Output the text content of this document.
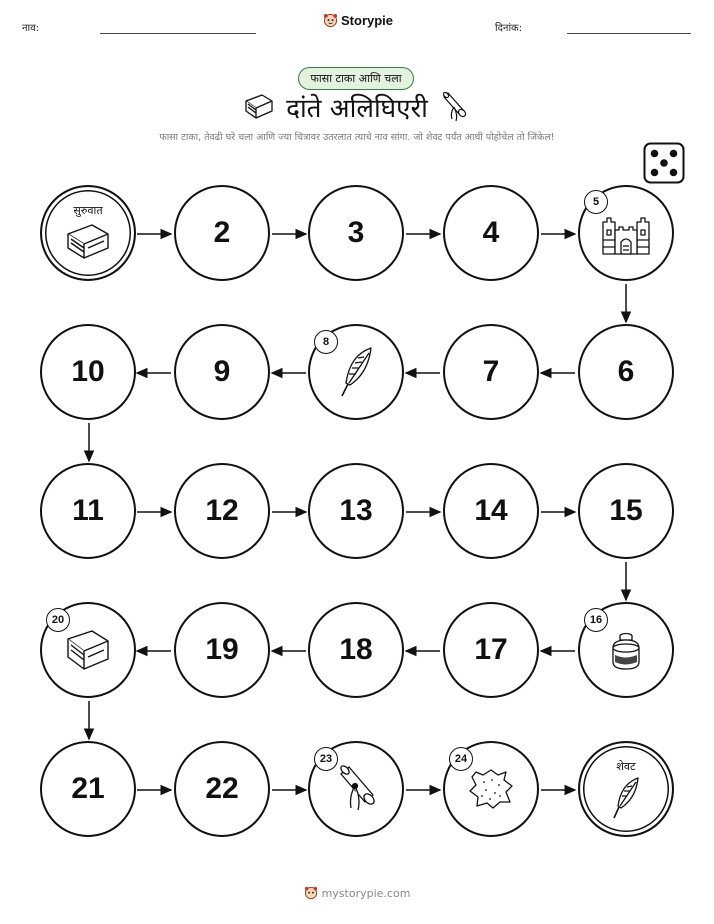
नाव:
Storypie
दिनांक:
फासा टाका आणि चला
दांते अलिघिएरी
फासा टाका, तेवढी घरे चला आणि ज्या चित्रावर उतरलात त्याचे नाव सांगा. जो शेवट पर्यंत आधी पोहोचेल तो जिंकेल!
सुरुवात
2	3	4
5
10	9
8
7	6
11	12	13	14	15
20
19	18	17
16
21	22
23	24
शेवट
mystorypie.com
